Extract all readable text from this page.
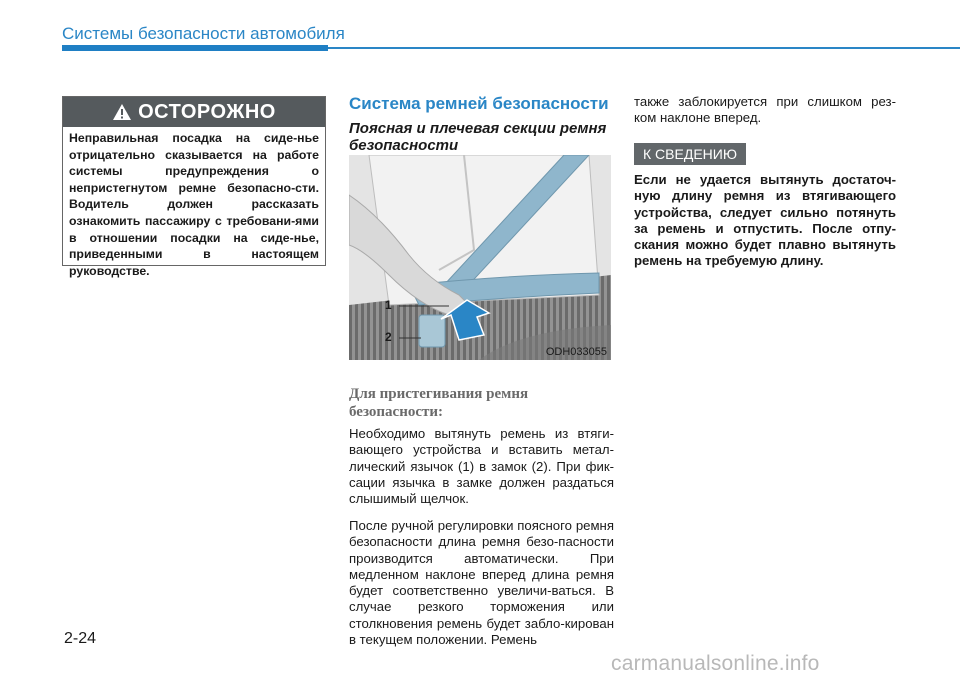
Системы безопасности автомобиля
ОСТОРОЖНО
Неправильная посадка на сиде-нье отрицательно сказывается на работе системы предупреждения о непристегнутом ремне безопасно-сти. Водитель должен рассказать ознакомить пассажиру с требовани-ями в отношении посадки на сиде-нье, приведенными в настоящем руководстве.
Система ремней безопасности
Поясная и плечевая секции ремня безопасности
1
2
ODH033055
Для пристегивания ремня безопасности:
Необходимо вытянуть ремень из втяги-вающего устройства и вставить метал-лический язычок (1) в замок (2). При фик-сации язычка в замке должен раздаться слышимый щелчок.
После ручной регулировки поясного ремня безопасности длина ремня безо-пасности производится автоматически. При медленном наклоне вперед длина ремня будет соответственно увеличи-ваться. В случае резкого торможения или столкновения ремень будет забло-кирован в текущем положении. Ремень
также заблокируется при слишком рез-ком наклоне вперед.
К СВЕДЕНИЮ
Если не удается вытянуть достаточ-ную длину ремня из втягивающего устройства, следует сильно потянуть за ремень и отпустить. После отпу-скания можно будет плавно вытянуть ремень на требуемую длину.
2-24
carmanualsonline.info
